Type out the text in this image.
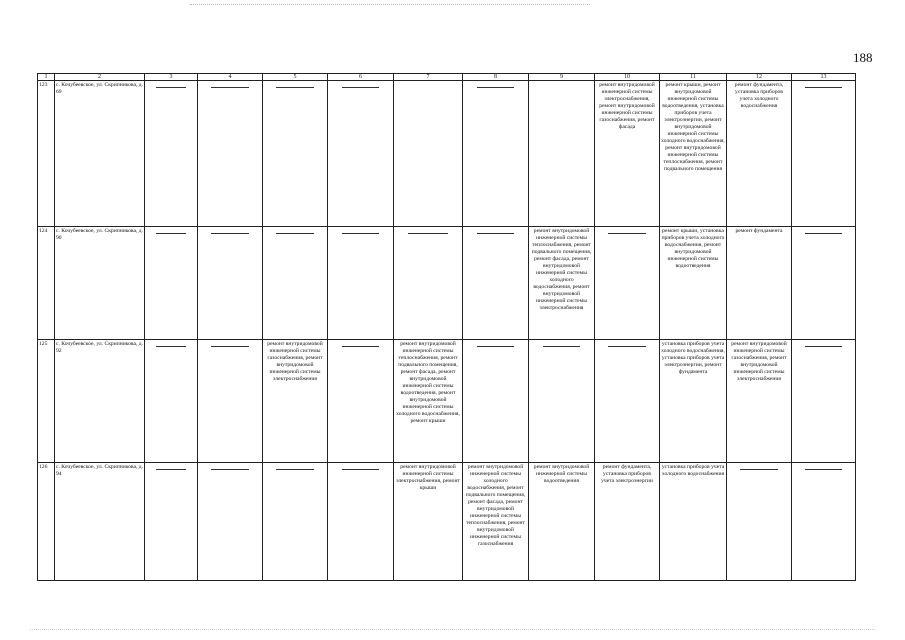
188
1	2	3	4	5	6	7	8	9	10	11	12	13	
123	с. Кочубеевское, ул. Скрипникова, д. 69								ремонт внутридомовой инженерной системы электроснабжения, ремонт внутридомовой инженерной системы газоснабжения, ремонт фасада	ремонт крыши, ремонт внутридомовой инженерной системы водоотведения, установка приборов учета электроэнергии, ремонт внутридомовой инженерной системы холодного водоснабжения, ремонт внутридомовой инженерной системы теплоснабжения, ремонт подвального помещения	ремонт фундамента, установка приборов учета холодного водоснабжения		
124	с. Кочубеевское, ул. Скрипникова, д. 90							ремонт внутридомовой инженерной системы теплоснабжения, ремонт подвального помещения, ремонт фасада, ремонт внутридомовой инженерной системы холодного водоснабжения, ремонт внутридомовой инженерной системы электроснабжения		ремонт крыши, установка приборов учета холодного водоснабжения, ремонт внутридомовой инженерной системы водоотведения	ремонт фундамента		
125	с. Кочубеевское, ул. Скрипникова, д. 92			ремонт внутридомовой инженерной системы газоснабжения, ремонт внутридомовой инженерной системы электроснабжения		ремонт внутридомовой инженерной системы теплоснабжения, ремонт подвального помещения, ремонт фасада, ремонт внутридомовой инженерной системы водоотведения, ремонт внутридомовой инженерной системы холодного водоснабжения, ремонт крыши				установка приборов учета холодного водоснабжения, установка приборов учета электроэнергии, ремонт фундамента	ремонт внутридомовой инженерной системы газоснабжения, ремонт внутридомовой инженерной системы электроснабжения		
126	с. Кочубеевское, ул. Скрипникова, д. 94					ремонт внутридомовой инженерной системы электроснабжения, ремонт крыши	ремонт внутридомовой инженерной системы холодного водоснабжения, ремонт подвального помещения, ремонт фасада, ремонт внутридомовой инженерной системы теплоснабжения, ремонт внутридомовой инженерной системы газоснабжения	ремонт внутридомовой инженерной системы водоотведения	ремонт фундамента, установка приборов учета электроэнергии	установка приборов учета холодного водоснабжения			
